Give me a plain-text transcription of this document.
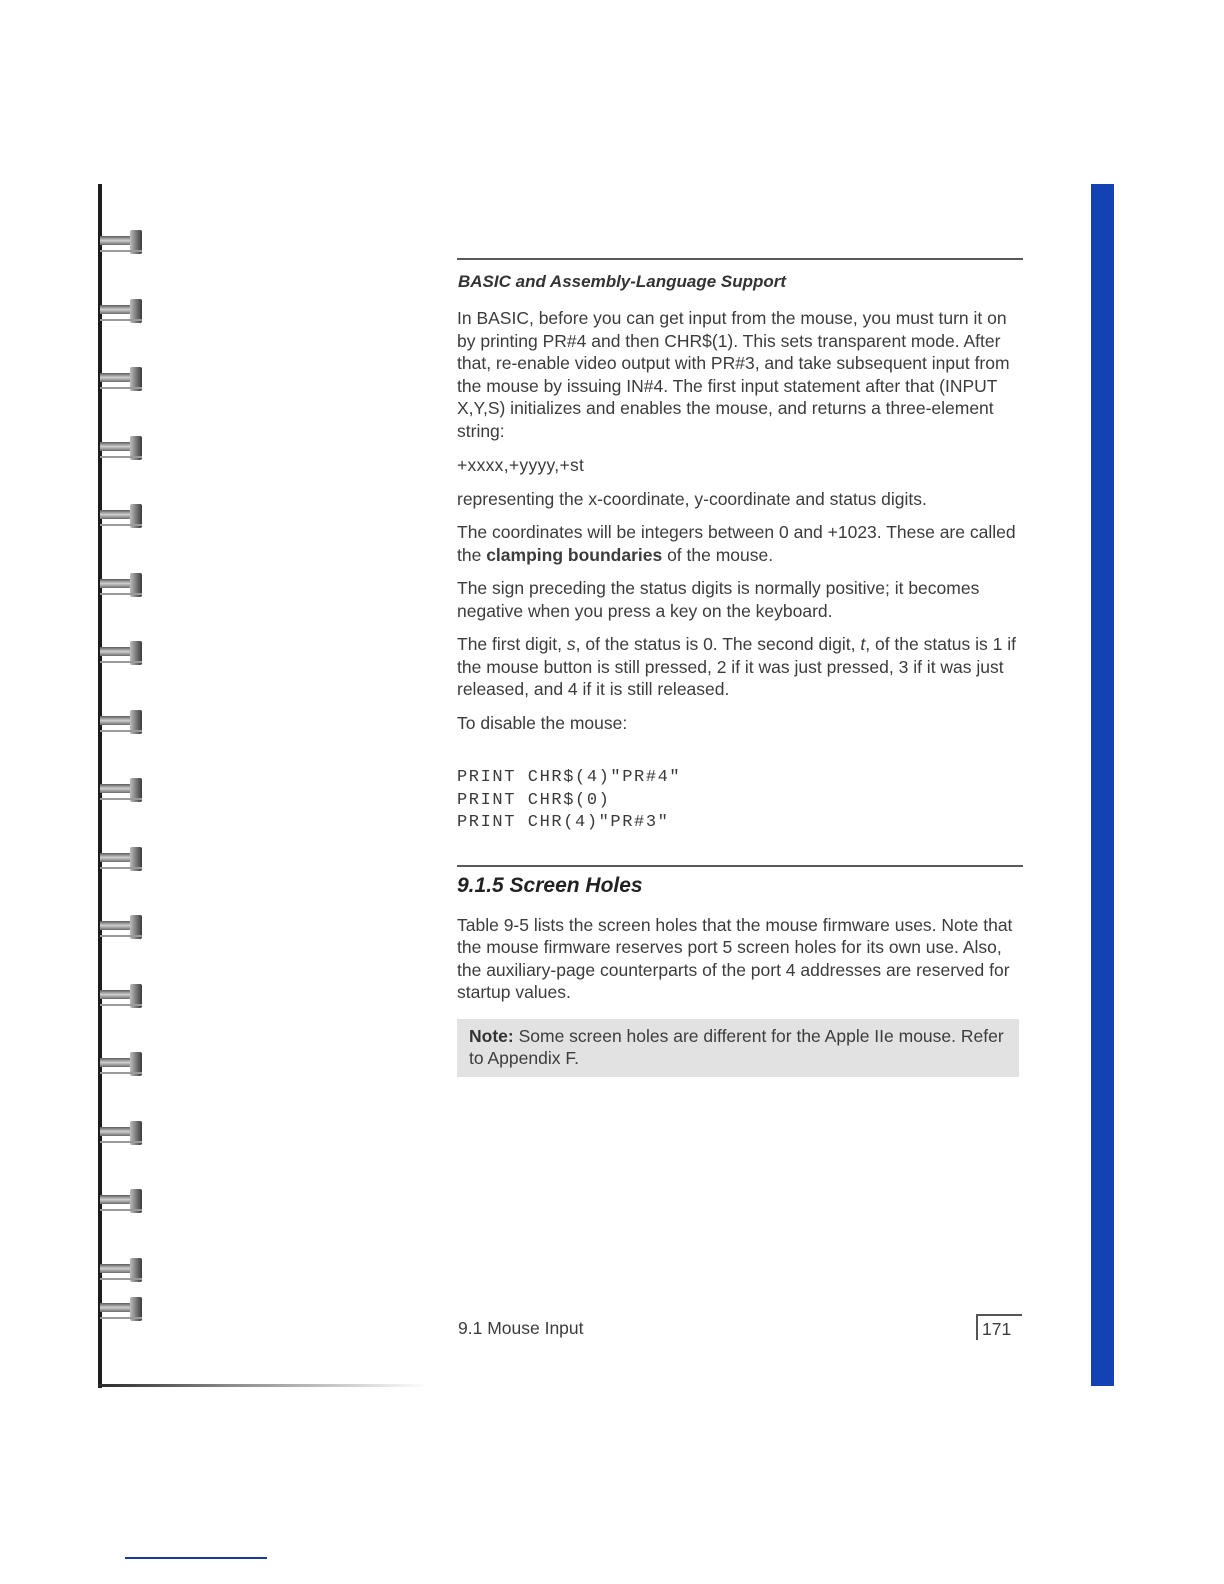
BASIC and Assembly-Language Support

In BASIC, before you can get input from the mouse, you must turn it on by printing PR#4 and then CHR$(1). This sets transparent mode. After that, re-enable video output with PR#3, and take subsequent input from the mouse by issuing IN#4. The first input statement after that (INPUT X,Y,S) initializes and enables the mouse, and returns a three-element string:

+xxxx,+yyyy,+st

representing the x-coordinate, y-coordinate and status digits.

The coordinates will be integers between 0 and +1023. These are called the clamping boundaries of the mouse.

The sign preceding the status digits is normally positive; it becomes negative when you press a key on the keyboard.

The first digit, s, of the status is 0. The second digit, t, of the status is 1 if the mouse button is still pressed, 2 if it was just pressed, 3 if it was just released, and 4 if it is still released.

To disable the mouse:

PRINT CHR$(4)"PR#4"
PRINT CHR$(0)
PRINT CHR(4)"PR#3"
9.1.5 Screen Holes

Table 9-5 lists the screen holes that the mouse firmware uses. Note that the mouse firmware reserves port 5 screen holes for its own use. Also, the auxiliary-page counterparts of the port 4 addresses are reserved for startup values.

Note: Some screen holes are different for the Apple IIe mouse. Refer to Appendix F.

9.1 Mouse Input	171
